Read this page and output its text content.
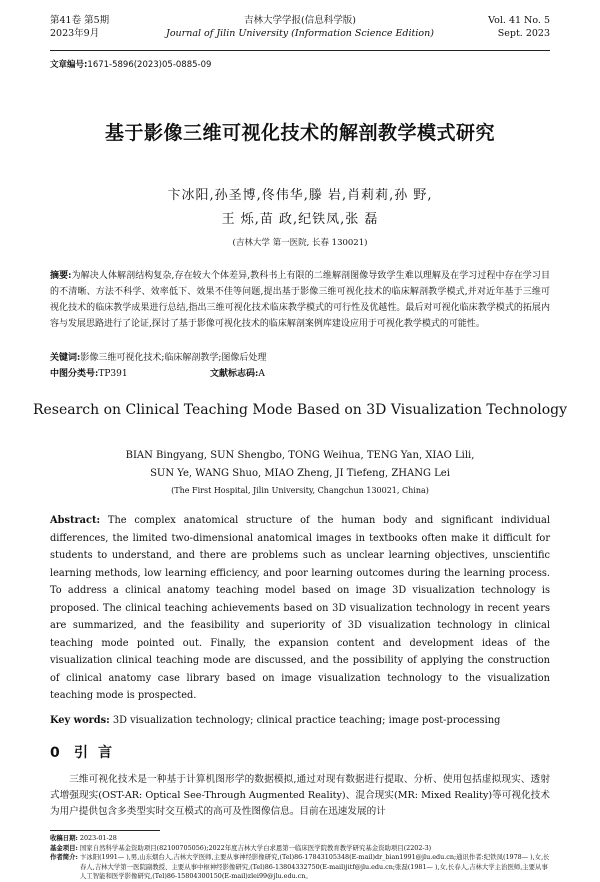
第41卷 第5期
2023年9月
吉林大学学报(信息科学版)
Journal of Jilin University (Information Science Edition)
Vol. 41 No. 5
Sept. 2023
文章编号:1671-5896(2023)05-0885-09
基于影像三维可视化技术的解剖教学模式研究
卞冰阳,孙圣博,佟伟华,滕 岩,肖莉莉,孙 野,
王 烁,苗 政,纪铁凤,张 磊
(吉林大学 第一医院, 长春 130021)
摘要:为解决人体解剖结构复杂,存在较大个体差异,教科书上有限的二维解剖图像导致学生难以理解及在学习过程中存在学习目的不清晰、方法不科学、效率低下、效果不佳等问题,提出基于影像三维可视化技术的临床解剖教学模式,并对近年基于三维可视化技术的临床教学成果进行总结,指出三维可视化技术临床教学模式的可行性及优越性。最后对可视化临床教学模式的拓展内容与发展思路进行了论证,探讨了基于影像可视化技术的临床解剖案例库建设应用于可视化教学模式的可能性。
关键词:影像三维可视化技术;临床解剖教学;图像后处理
中图分类号:TP391	文献标志码:A
Research on Clinical Teaching Mode Based on 3D Visualization Technology
BIAN Bingyang, SUN Shengbo, TONG Weihua, TENG Yan, XIAO Lili,
SUN Ye, WANG Shuo, MIAO Zheng, JI Tiefeng, ZHANG Lei
(The First Hospital, Jilin University, Changchun 130021, China)
Abstract: The complex anatomical structure of the human body and significant individual differences, the limited two-dimensional anatomical images in textbooks often make it difficult for students to understand, and there are problems such as unclear learning objectives, unscientific learning methods, low learning efficiency, and poor learning outcomes during the learning process. To address a clinical anatomy teaching model based on image 3D visualization technology is proposed. The clinical teaching achievements based on 3D visualization technology in recent years are summarized, and the feasibility and superiority of 3D visualization technology in clinical teaching mode pointed out. Finally, the expansion content and development ideas of the visualization clinical teaching mode are discussed, and the possibility of applying the construction of clinical anatomy case library based on image visualization technology to the visualization teaching mode is prospected.
Key words: 3D visualization technology; clinical practice teaching; image post-processing
0 引言
三维可视化技术是一种基于计算机图形学的数据模拟,通过对现有数据进行提取、分析、使用包括虚拟现实、透射式增强现实(OST-AR: Optical See-Through Augmented Reality)、混合现实(MR: Mixed Reality)等可视化技术为用户提供包含多类型实时交互模式的高可及性图像信息。目前在迅速发展的计
收稿日期: 2023-01-28
基金项目: 国家自然科学基金资助项目(82100705056);2022年度吉林大学白求恩第一临床医学院教育教学研究基金资助项目(2202-3)
作者简介: 卞冰阳(1991— ),男,山东烟台人,吉林大学医师,主要从事神经影像研究,(Tel)86-17843105348(E-mail)dr_bian1991@jlu.edu.cn;通讯作者:纪铁凤(1978— ),女,长春人,吉林大学第一医院副教授、主要从事中枢神经影像研究,(Tel)86-13804332750(E-mail)jitf@jlu.edu.cn;张磊(1981— ),女,长春人,吉林大学主治医师,主要从事人工智能和医学影像研究,(Tel)86-15804300150(E-mail)zlei99@jlu.edu.cn。
